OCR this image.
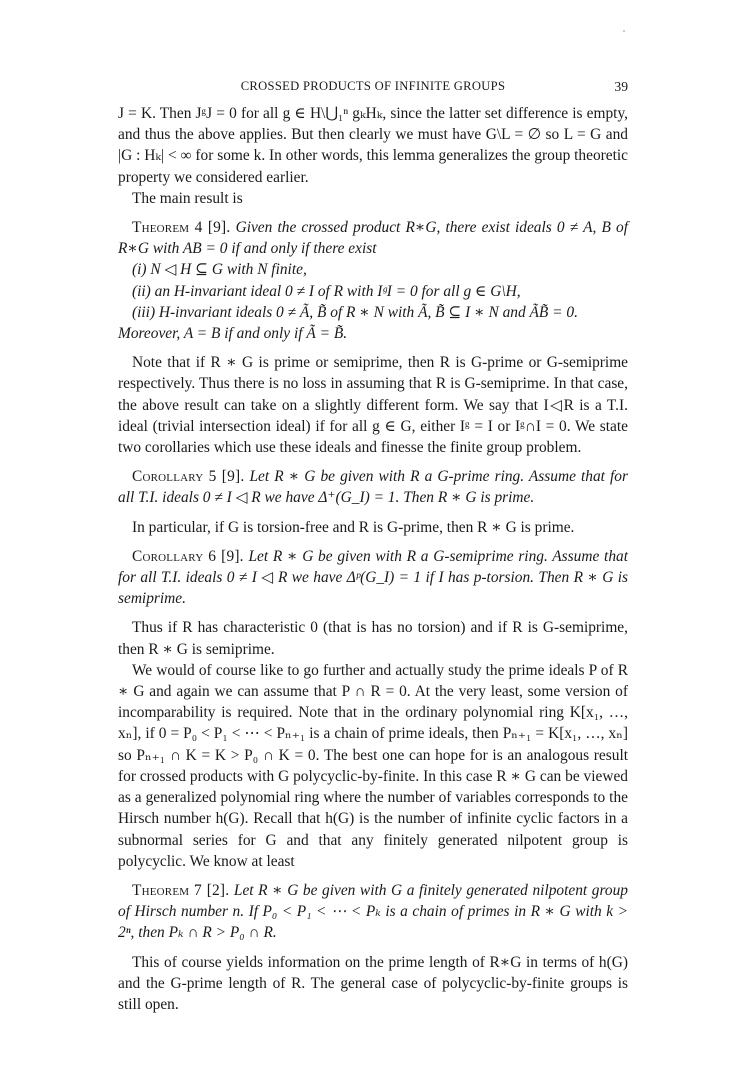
CROSSED PRODUCTS OF INFINITE GROUPS	39

J = K. Then JᵍJ = 0 for all g ∈ H\⋃₁ⁿ gₖHₖ, since the latter set difference is empty, and thus the above applies. But then clearly we must have G\L = ∅ so L = G and |G : Hₖ| < ∞ for some k. In other words, this lemma generalizes the group theoretic property we considered earlier.

The main result is

Theorem 4 [9]. Given the crossed product R∗G, there exist ideals 0 ≠ A, B of R∗G with AB = 0 if and only if there exist

(i) N ◁ H ⊆ G with N finite,

(ii) an H-invariant ideal 0 ≠ I of R with IᵍI = 0 for all g ∈ G\H,

(iii) H-invariant ideals 0 ≠ Ã, B̃ of R ∗ N with Ã, B̃ ⊆ I ∗ N and ÃB̃ = 0.

Moreover, A = B if and only if Ã = B̃.

Note that if R ∗ G is prime or semiprime, then R is G-prime or G-semiprime respectively. Thus there is no loss in assuming that R is G-semiprime. In that case, the above result can take on a slightly different form. We say that I◁R is a T.I. ideal (trivial intersection ideal) if for all g ∈ G, either Iᵍ = I or Iᵍ∩I = 0. We state two corollaries which use these ideals and finesse the finite group problem.

Corollary 5 [9]. Let R ∗ G be given with R a G-prime ring. Assume that for all T.I. ideals 0 ≠ I ◁ R we have Δ⁺(G_I) = 1. Then R ∗ G is prime.

In particular, if G is torsion-free and R is G-prime, then R ∗ G is prime.

Corollary 6 [9]. Let R ∗ G be given with R a G-semiprime ring. Assume that for all T.I. ideals 0 ≠ I ◁ R we have Δᵖ(G_I) = 1 if I has p-torsion. Then R ∗ G is semiprime.

Thus if R has characteristic 0 (that is has no torsion) and if R is G-semiprime, then R ∗ G is semiprime.

We would of course like to go further and actually study the prime ideals P of R ∗ G and again we can assume that P ∩ R = 0. At the very least, some version of incomparability is required. Note that in the ordinary polynomial ring K[x₁, …, xₙ], if 0 = P₀ < P₁ < ⋯ < Pₙ₊₁ is a chain of prime ideals, then Pₙ₊₁ = K[x₁, …, xₙ] so Pₙ₊₁ ∩ K = K > P₀ ∩ K = 0. The best one can hope for is an analogous result for crossed products with G polycyclic-by-finite. In this case R ∗ G can be viewed as a generalized polynomial ring where the number of variables corresponds to the Hirsch number h(G). Recall that h(G) is the number of infinite cyclic factors in a subnormal series for G and that any finitely generated nilpotent group is polycyclic. We know at least

Theorem 7 [2]. Let R ∗ G be given with G a finitely generated nilpotent group of Hirsch number n. If P₀ < P₁ < ⋯ < Pₖ is a chain of primes in R ∗ G with k > 2ⁿ, then Pₖ ∩ R > P₀ ∩ R.

This of course yields information on the prime length of R∗G in terms of h(G) and the G-prime length of R. The general case of polycyclic-by-finite groups is still open.
